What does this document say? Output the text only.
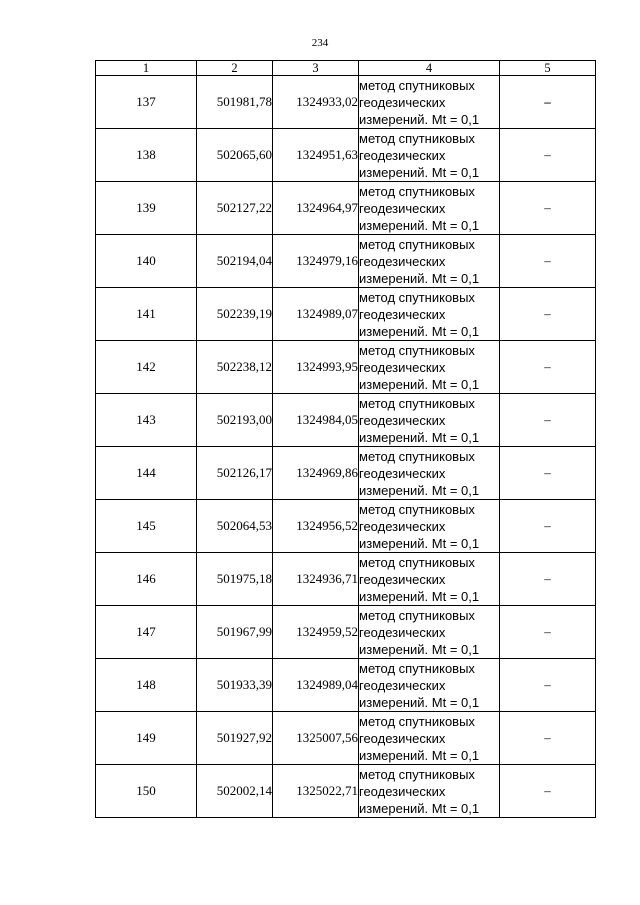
234
1	2	3	4	5
137	501981,78	1324933,02	метод спутниковых
геодезических
измерений. Mt = 0,1	–
138	502065,60	1324951,63	метод спутниковых
геодезических
измерений. Mt = 0,1	–
139	502127,22	1324964,97	метод спутниковых
геодезических
измерений. Mt = 0,1	–
140	502194,04	1324979,16	метод спутниковых
геодезических
измерений. Mt = 0,1	–
141	502239,19	1324989,07	метод спутниковых
геодезических
измерений. Mt = 0,1	–
142	502238,12	1324993,95	метод спутниковых
геодезических
измерений. Mt = 0,1	–
143	502193,00	1324984,05	метод спутниковых
геодезических
измерений. Mt = 0,1	–
144	502126,17	1324969,86	метод спутниковых
геодезических
измерений. Mt = 0,1	–
145	502064,53	1324956,52	метод спутниковых
геодезических
измерений. Mt = 0,1	–
146	501975,18	1324936,71	метод спутниковых
геодезических
измерений. Mt = 0,1	–
147	501967,99	1324959,52	метод спутниковых
геодезических
измерений. Mt = 0,1	–
148	501933,39	1324989,04	метод спутниковых
геодезических
измерений. Mt = 0,1	–
149	501927,92	1325007,56	метод спутниковых
геодезических
измерений. Mt = 0,1	–
150	502002,14	1325022,71	метод спутниковых
геодезических
измерений. Mt = 0,1	–
